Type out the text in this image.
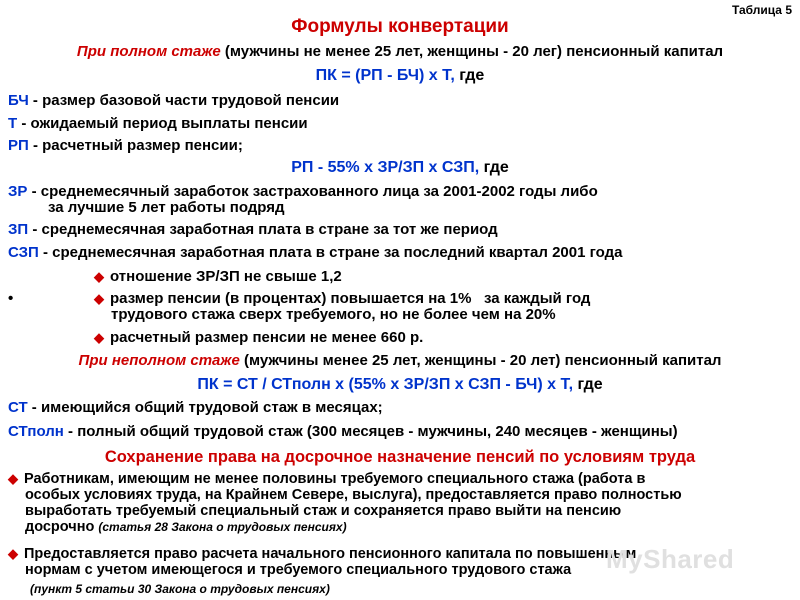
Таблица 5
Формулы конвертации
При полном стаже (мужчины не менее 25 лет, женщины - 20 лег) пенсионный капитал
ПК = (РП - БЧ) х Т, где
БЧ - размер базовой части трудовой пенсии
Т - ожидаемый период выплаты пенсии
РП - расчетный размер пенсии;
РП - 55% х ЗР/ЗП х СЗП, где
ЗР - среднемесячный заработок застрахованного лица за 2001-2002 годы либо
за лучшие 5 лет работы подряд
ЗП - среднемесячная заработная плата в стране за тот же период
СЗП - среднемесячная заработная плата в стране за последний квартал 2001 года
◆ отношение ЗР/ЗП не свыше 1,2
•	◆ размер пенсии (в процентах) повышается на 1%   за каждый год
трудового стажа сверх требуемого, но не более чем на 20%
◆ расчетный размер пенсии не менее 660 р.
При неполном стаже (мужчины менее 25 лет, женщины - 20 лет) пенсионный капитал
ПК = СТ / СТполн х (55% х ЗР/ЗП х СЗП - БЧ) х Т, где
СТ - имеющийся общий трудовой стаж в месяцах;
СТполн - полный общий трудовой стаж (300 месяцев - мужчины, 240 месяцев - женщины)
Сохранение права на досрочное назначение пенсий по условиям труда
◆ Работникам, имеющим не менее половины требуемого специального стажа (работа в
особых условиях труда, на Крайнем Севере, выслуга), предоставляется право полностью
выработать требуемый специальный стаж и сохраняется право выйти на пенсию
досрочно (статья 28 Закона о трудовых пенсиях)
◆ Предоставляется право расчета начального пенсионного капитала по повышенным
нормам с учетом имеющегося и требуемого специального трудового стажа
(пункт 5 статьи 30 Закона о трудовых пенсиях)
MyShared
